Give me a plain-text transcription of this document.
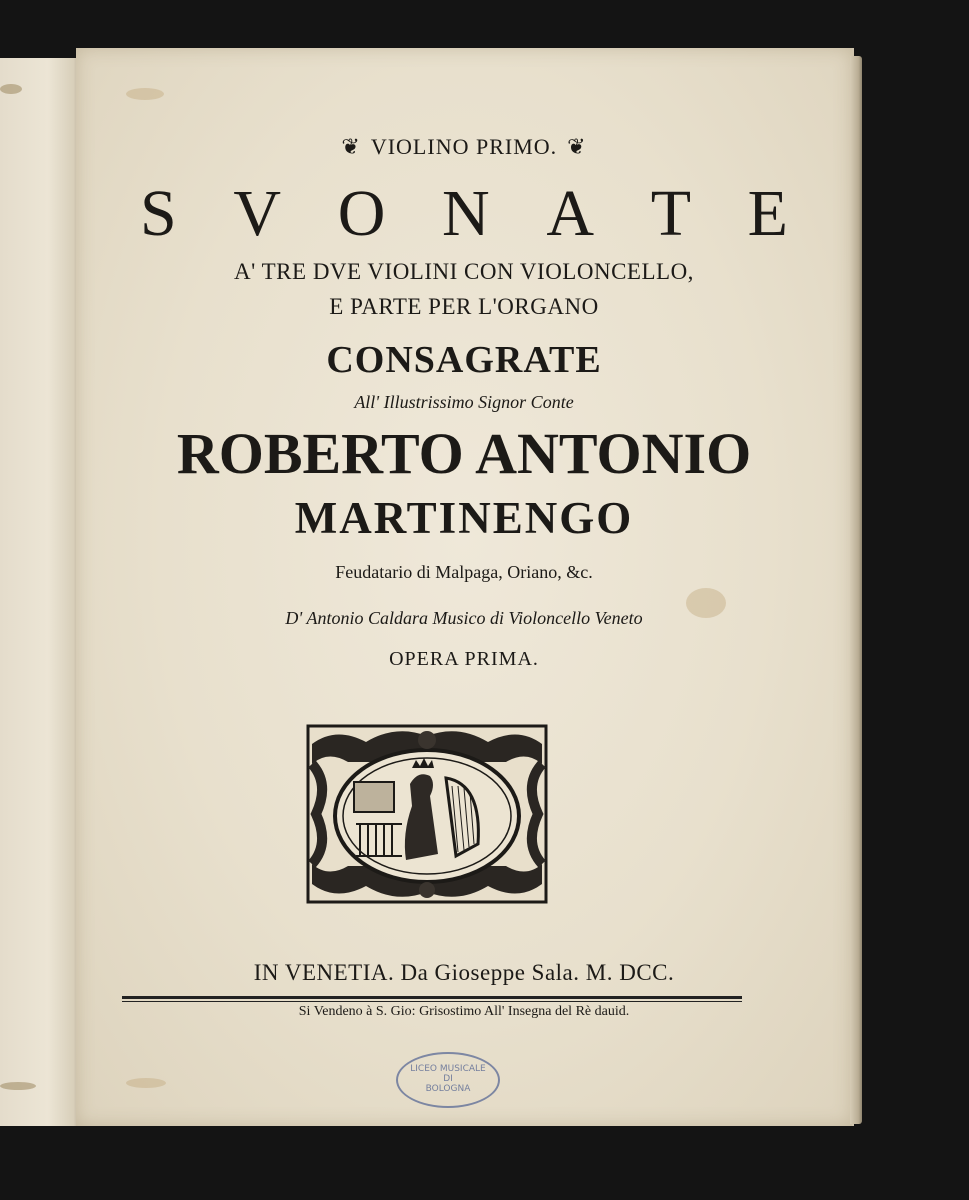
❦ VIOLINO PRIMO. ❦
S V O N A T E
A' TRE DVE VIOLINI CON VIOLONCELLO,
E PARTE PER L'ORGANO
CONSAGRATE
All' Illustrissimo Signor Conte
ROBERTO ANTONIO
MARTINENGO
Feudatario di Malpaga, Oriano, &c.
D' Antonio Caldara Musico di Violoncello Veneto
OPERA PRIMA.
IN VENETIA. Da Gioseppe Sala. M. DCC.
Si Vendeno à S. Gio: Grisostimo All' Insegna del Rè dauid.
LICEO MUSICALE
DI
BOLOGNA
